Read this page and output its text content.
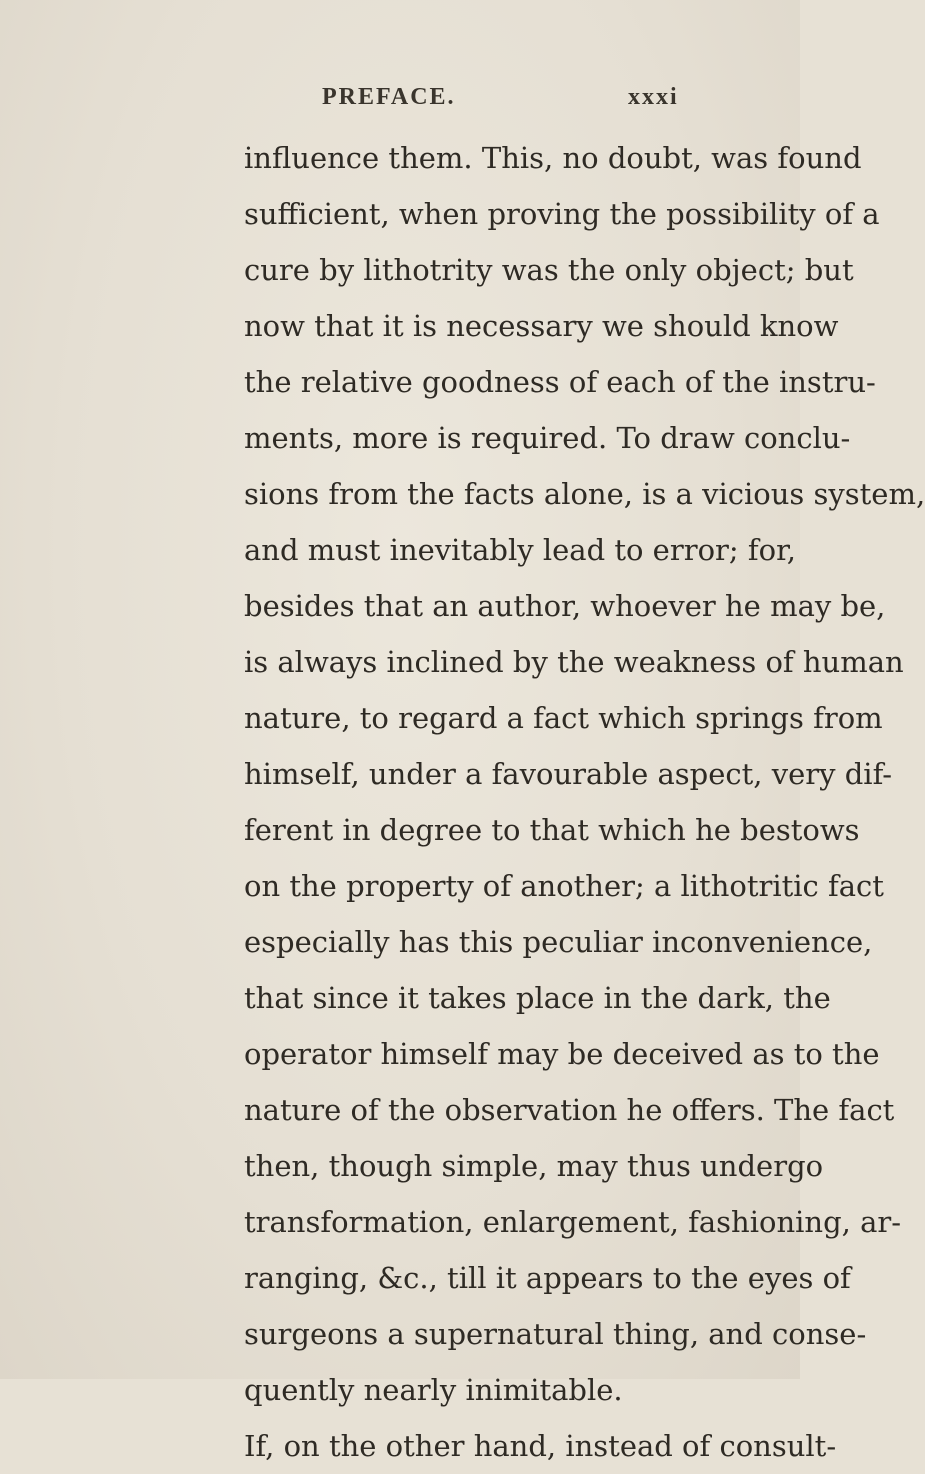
PREFACE.	xxxi
influence them. This, no doubt, was found
sufficient, when proving the possibility of a
cure by lithotrity was the only object; but
now that it is necessary we should know
the relative goodness of each of the instru-
ments, more is required. To draw conclu-
sions from the facts alone, is a vicious system,
and must inevitably lead to error; for,
besides that an author, whoever he may be,
is always inclined by the weakness of human
nature, to regard a fact which springs from
himself, under a favourable aspect, very dif-
ferent in degree to that which he bestows
on the property of another; a lithotritic fact
especially has this peculiar inconvenience,
that since it takes place in the dark, the
operator himself may be deceived as to the
nature of the observation he offers. The fact
then, though simple, may thus undergo
transformation, enlargement, fashioning, ar-
ranging, &c., till it appears to the eyes of
surgeons a supernatural thing, and conse-
quently nearly inimitable.
If, on the other hand, instead of consult-
